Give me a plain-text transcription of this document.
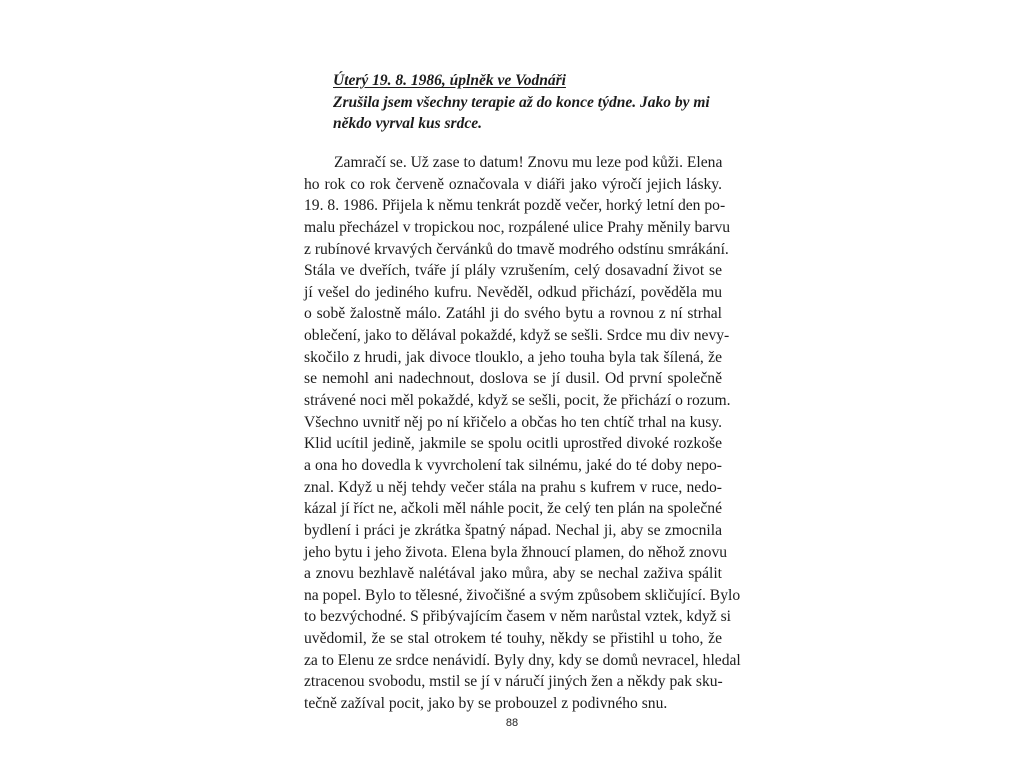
Úterý 19. 8. 1986, úplněk ve Vodnáři
Zrušila jsem všechny terapie až do konce týdne. Jako by mi
někdo vyrval kus srdce.
Zamračí se. Už zase to datum! Znovu mu leze pod kůži. Elena
ho rok co rok červeně označovala v diáři jako výročí jejich lásky.
19. 8. 1986. Přijela k němu tenkrát pozdě večer, horký letní den po-
malu přecházel v tropickou noc, rozpálené ulice Prahy měnily barvu
z rubínové krvavých červánků do tmavě modrého odstínu smrákání.
Stála ve dveřích, tváře jí plály vzrušením, celý dosavadní život se
jí vešel do jediného kufru. Nevěděl, odkud přichází, pověděla mu
o sobě žalostně málo. Zatáhl ji do svého bytu a rovnou z ní strhal
oblečení, jako to dělával pokaždé, když se sešli. Srdce mu div nevy-
skočilo z hrudi, jak divoce tlouklo, a jeho touha byla tak šílená, že
se nemohl ani nadechnout, doslova se jí dusil. Od první společně
strávené noci měl pokaždé, když se sešli, pocit, že přichází o rozum.
Všechno uvnitř něj po ní křičelo a občas ho ten chtíč trhal na kusy.
Klid ucítil jedině, jakmile se spolu ocitli uprostřed divoké rozkoše
a ona ho dovedla k vyvrcholení tak silnému, jaké do té doby nepo-
znal. Když u něj tehdy večer stála na prahu s kufrem v ruce, nedo-
kázal jí říct ne, ačkoli měl náhle pocit, že celý ten plán na společné
bydlení i práci je zkrátka špatný nápad. Nechal ji, aby se zmocnila
jeho bytu i jeho života. Elena byla žhnoucí plamen, do něhož znovu
a znovu bezhlavě nalétával jako můra, aby se nechal zaživa spálit
na popel. Bylo to tělesné, živočišné a svým způsobem skličující. Bylo
to bezvýchodné. S přibývajícím časem v něm narůstal vztek, když si
uvědomil, že se stal otrokem té touhy, někdy se přistihl u toho, že
za to Elenu ze srdce nenávidí. Byly dny, kdy se domů nevracel, hledal
ztracenou svobodu, mstil se jí v náručí jiných žen a někdy pak sku-
tečně zažíval pocit, jako by se probouzel z podivného snu.
88
